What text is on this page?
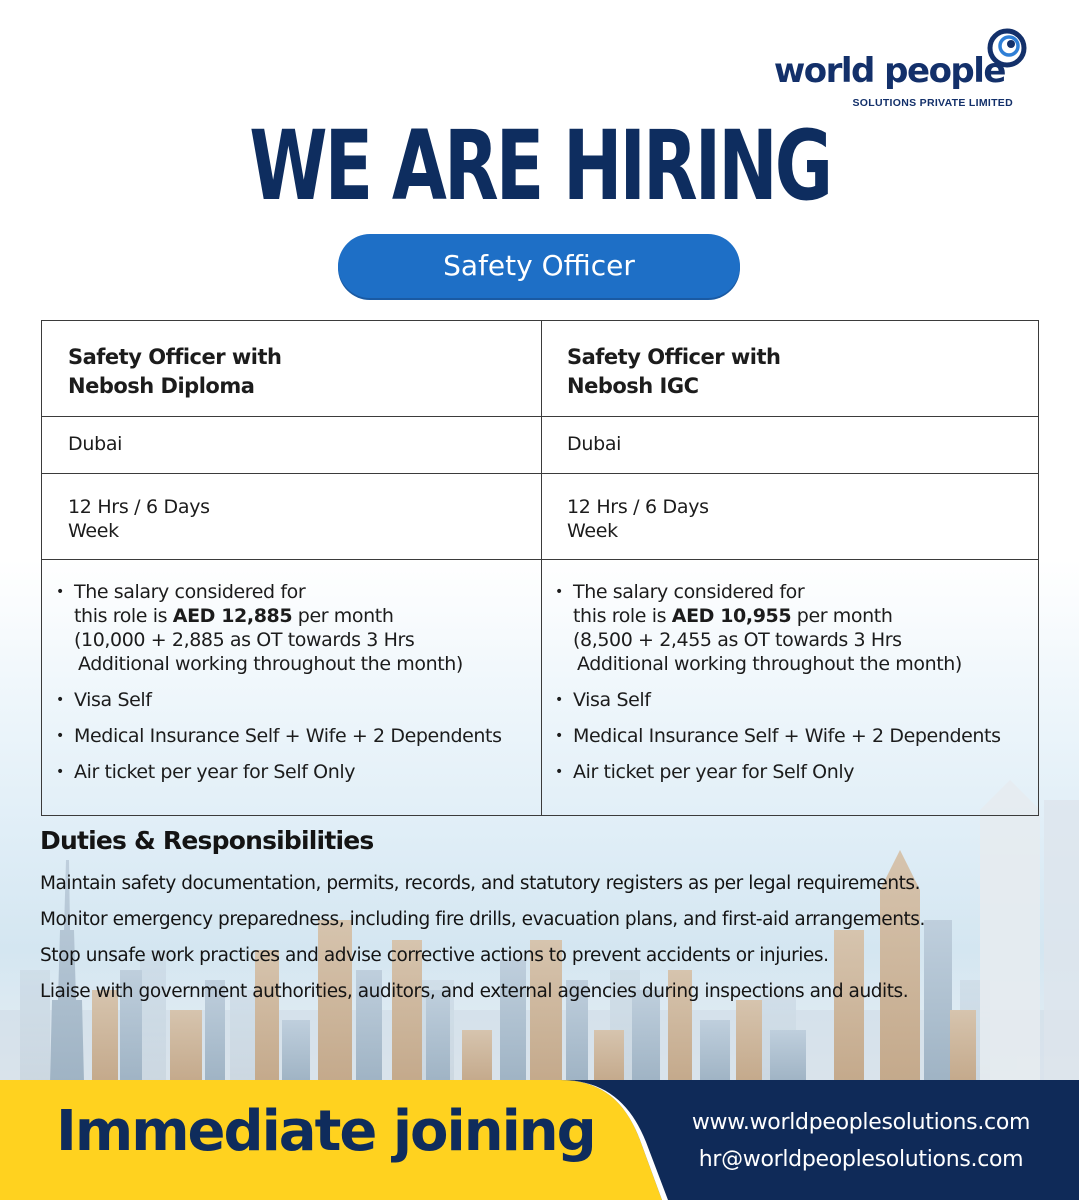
world people
SOLUTIONS PRIVATE LIMITED
WE ARE HIRING
Safety Officer
Safety Officer with
Nebosh Diploma
Dubai
12 Hrs / 6 Days
Week
• The salary considered for
this role is AED 12,885 per month
(10,000 + 2,885 as OT towards 3 Hrs
Additional working throughout the month)
• Visa Self
• Medical Insurance Self + Wife + 2 Dependents
• Air ticket per year for Self Only
Safety Officer with
Nebosh IGC
Dubai
12 Hrs / 6 Days
Week
• The salary considered for
this role is AED 10,955 per month
(8,500 + 2,455 as OT towards 3 Hrs
Additional working throughout the month)
• Visa Self
• Medical Insurance Self + Wife + 2 Dependents
• Air ticket per year for Self Only
Duties & Responsibilities
Maintain safety documentation, permits, records, and statutory registers as per legal requirements.
Monitor emergency preparedness, including fire drills, evacuation plans, and first-aid arrangements.
Stop unsafe work practices and advise corrective actions to prevent accidents or injuries.
Liaise with government authorities, auditors, and external agencies during inspections and audits.
Immediate joining	www.worldpeoplesolutions.com
hr@worldpeoplesolutions.com
